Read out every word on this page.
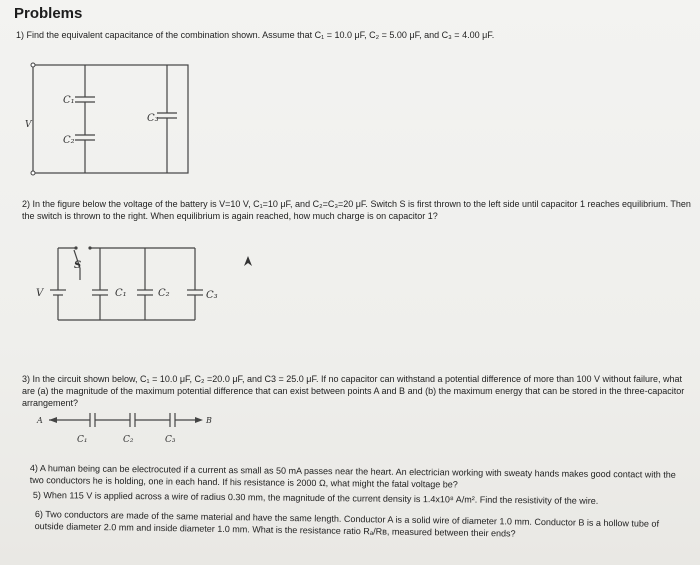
Problems
1) Find the equivalent capacitance of the combination shown. Assume that C₁ = 10.0 μF, C₂ = 5.00 μF, and C₃ = 4.00 μF.
V
C₁
C₂
C₃
2) In the figure below the voltage of the battery is V=10 V, C₁=10 μF, and C₂=C₃=20 μF. Switch S is first thrown to the left side until capacitor 1 reaches equilibrium. Then the switch is thrown to the right. When equilibrium is again reached, how much charge is on capacitor 1?
S
V	C₁	C₂	C₃
3) In the circuit shown below, C₁ = 10.0 μF, C₂ =20.0 μF, and C3 = 25.0 μF. If no capacitor can withstand a potential difference of more than 100 V without failure, what are (a) the magnitude of the maximum potential difference that can exist between points A and B and (b) the maximum energy that can be stored in the three-capacitor arrangement?
A	B
C₁	C₂	C₃
4) A human being can be electrocuted if a current as small as 50 mA passes near the heart. An electrician working with sweaty hands makes good contact with the two conductors he is holding, one in each hand. If his resistance is 2000 Ω, what might the fatal voltage be?
5) When 115 V is applied across a wire of radius 0.30 mm, the magnitude of the current density is 1.4x10⁸ A/m². Find the resistivity of the wire.
6) Two conductors are made of the same material and have the same length. Conductor A is a solid wire of diameter 1.0 mm. Conductor B is a hollow tube of outside diameter 2.0 mm and inside diameter 1.0 mm. What is the resistance ratio Rₐ/Rʙ, measured between their ends?
